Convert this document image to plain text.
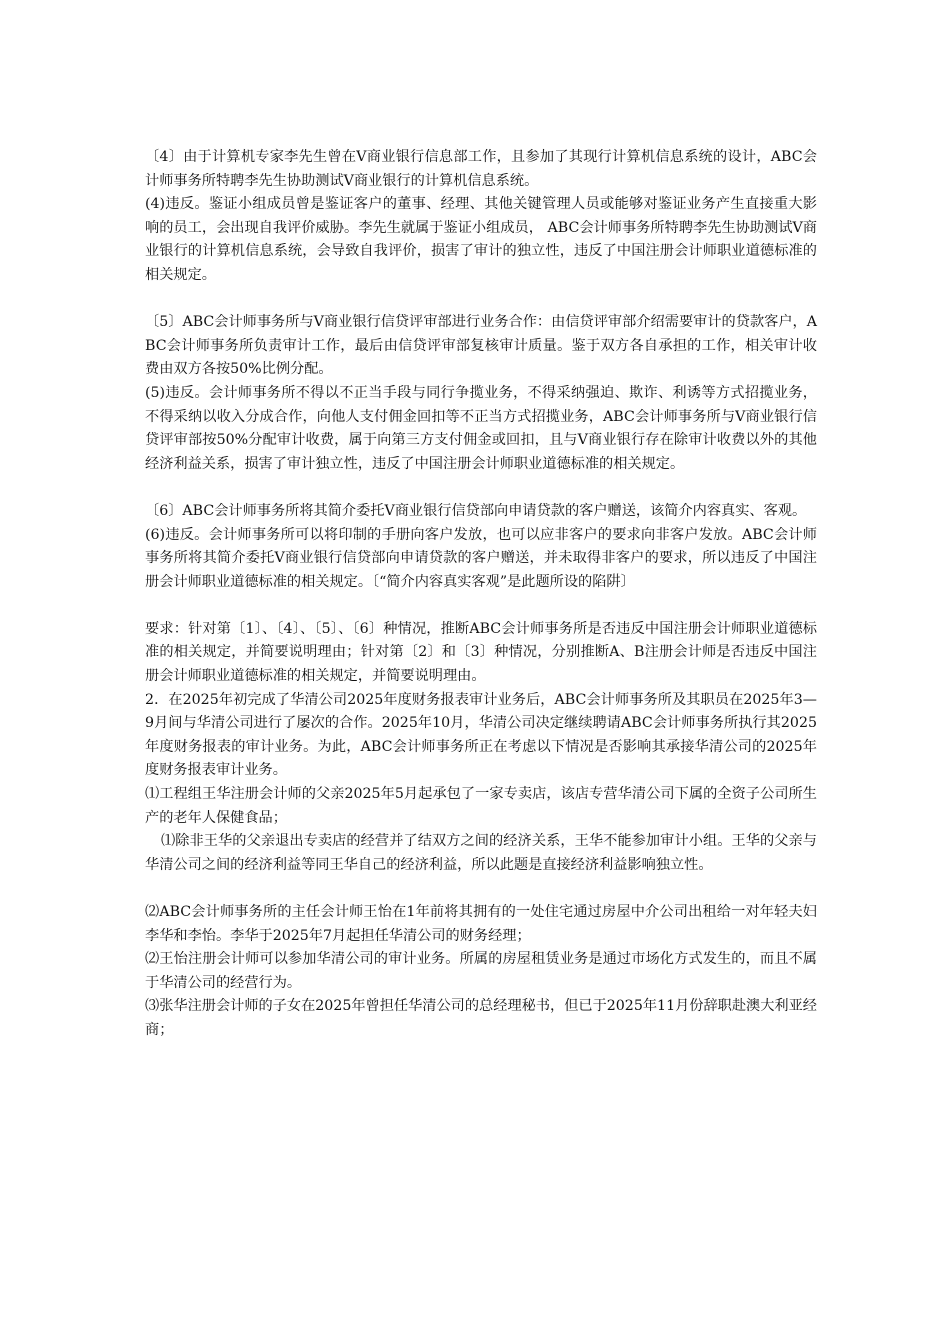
〔4〕由于计算机专家李先生曾在Ⅴ商业银行信息部工作，且参加了其现行计算机信息系统的设计，ABC会计师事务所特聘李先生协助测试Ⅴ商业银行的计算机信息系统。

(4)违反。鉴证小组成员曾是鉴证客户的董事、经理、其他关键管理人员或能够对鉴证业务产生直接重大影响的员工，会出现自我评价威胁。李先生就属于鉴证小组成员， ABC会计师事务所特聘李先生协助测试Ⅴ商业银行的计算机信息系统，会导致自我评价，损害了审计的独立性，违反了中国注册会计师职业道德标准的相关规定。

〔5〕ABC会计师事务所与Ⅴ商业银行信贷评审部进行业务合作：由信贷评审部介绍需要审计的贷款客户，ABC会计师事务所负责审计工作，最后由信贷评审部复核审计质量。鉴于双方各自承担的工作，相关审计收费由双方各按50%比例分配。

(5)违反。会计师事务所不得以不正当手段与同行争揽业务，不得采纳强迫、欺诈、利诱等方式招揽业务，不得采纳以收入分成合作，向他人支付佣金回扣等不正当方式招揽业务，ABC会计师事务所与Ⅴ商业银行信贷评审部按50%分配审计收费，属于向第三方支付佣金或回扣，且与Ⅴ商业银行存在除审计收费以外的其他经济利益关系，损害了审计独立性，违反了中国注册会计师职业道德标准的相关规定。

〔6〕ABC会计师事务所将其简介委托Ⅴ商业银行信贷部向申请贷款的客户赠送，该简介内容真实、客观。

(6)违反。会计师事务所可以将印制的手册向客户发放，也可以应非客户的要求向非客户发放。ABC会计师事务所将其简介委托Ⅴ商业银行信贷部向申请贷款的客户赠送，并未取得非客户的要求，所以违反了中国注册会计师职业道德标准的相关规定。〔“简介内容真实客观”是此题所设的陷阱〕

要求：针对第〔1〕、〔4〕、〔5〕、〔6〕种情况，推断ABC会计师事务所是否违反中国注册会计师职业道德标准的相关规定，并简要说明理由；针对第〔2〕和〔3〕种情况，分别推断A、B注册会计师是否违反中国注册会计师职业道德标准的相关规定，并简要说明理由。

2．在2025年初完成了华清公司2025年度财务报表审计业务后，ABC会计师事务所及其职员在2025年3—9月间与华清公司进行了屡次的合作。2025年10月，华清公司决定继续聘请ABC会计师事务所执行其2025年度财务报表的审计业务。为此，ABC会计师事务所正在考虑以下情况是否影响其承接华清公司的2025年度财务报表审计业务。

⑴工程组王华注册会计师的父亲2025年5月起承包了一家专卖店，该店专营华清公司下属的全资子公司所生产的老年人保健食品；

⑴除非王华的父亲退出专卖店的经营并了结双方之间的经济关系，王华不能参加审计小组。王华的父亲与华清公司之间的经济利益等同王华自己的经济利益，所以此题是直接经济利益影响独立性。

⑵ABC会计师事务所的主任会计师王怡在1年前将其拥有的一处住宅通过房屋中介公司出租给一对年轻夫妇李华和李怡。李华于2025年7月起担任华清公司的财务经理；

⑵王怡注册会计师可以参加华清公司的审计业务。所属的房屋租赁业务是通过市场化方式发生的，而且不属于华清公司的经营行为。

⑶张华注册会计师的子女在2025年曾担任华清公司的总经理秘书，但已于2025年11月份辞职赴澳大利亚经商；
